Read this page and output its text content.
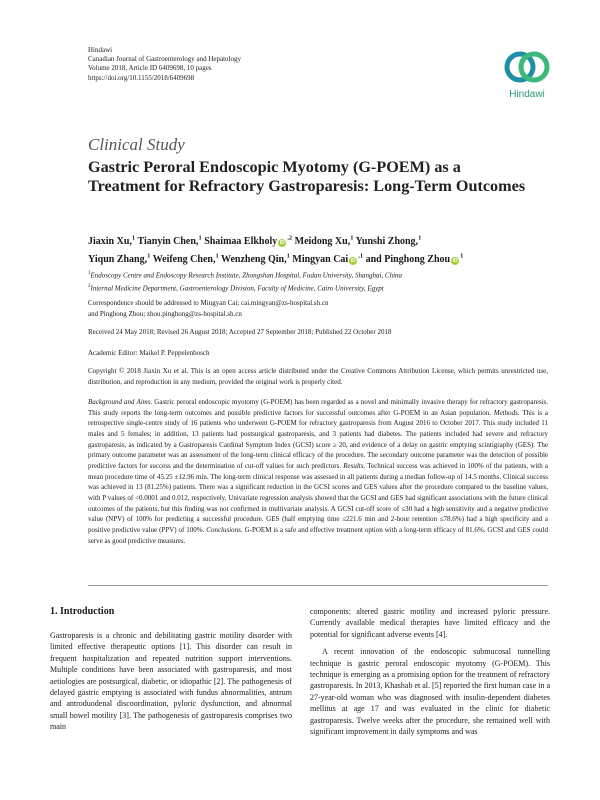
Hindawi
Canadian Journal of Gastroenterology and Hepatology
Volume 2018, Article ID 6409698, 10 pages
https://doi.org/10.1155/2018/6409698
Hindawi
Clinical Study
Gastric Peroral Endoscopic Myotomy (G-POEM) as a Treatment for Refractory Gastroparesis: Long-Term Outcomes
Jiaxin Xu,$^1$ Tianyin Chen,$^1$ Shaimaa Elkholy $iD^{,2}$ Meidong Xu,$^1$ Yunshi Zhong,$^1$
Yiqun Zhang,$^1$ Weifeng Chen,$^1$ Wenzheng Qin,$^1$ Mingyan Cai $iD^{,1}$ and Pinghong Zhou $iD^1$
$^1$Endoscopy Centre and Endoscopy Research Institute, Zhongshan Hospital, Fudan University, Shanghai, China
$^2$Internal Medicine Department, Gastroenterology Division, Faculty of Medicine, Cairo University, Egypt
Correspondence should be addressed to Mingyan Cai; cai.mingyan@zs-hospital.sh.cn
and Pinghong Zhou; zhou.pinghong@zs-hospital.sh.cn
Received 24 May 2018; Revised 26 August 2018; Accepted 27 September 2018; Published 22 October 2018
Academic Editor: Maikel P. Peppelenbosch
Copyright © 2018 Jiaxin Xu et al. This is an open access article distributed under the Creative Commons Attribution License, which permits unrestricted use, distribution, and reproduction in any medium, provided the original work is properly cited.
Background and Aims. Gastric peroral endoscopic myotomy (G-POEM) has been regarded as a novel and minimally invasive therapy for refractory gastroparesis. This study reports the long-term outcomes and possible predictive factors for successful outcomes after G-POEM in an Asian population. Methods. This is a retrospective single-centre study of 16 patients who underwent G-POEM for refractory gastroparesis from August 2016 to October 2017. This study included 11 males and 5 females; in addition, 13 patients had postsurgical gastroparesis, and 3 patients had diabetes. The patients included had severe and refractory gastroparesis, as indicated by a Gastroparesis Cardinal Symptom Index (GCSI) score ≥ 20, and evidence of a delay on gastric emptying scintigraphy (GES). The primary outcome parameter was an assessment of the long-term clinical efficacy of the procedure. The secondary outcome parameter was the detection of possible predictive factors for success and the determination of cut-off values for such predictors. Results. Technical success was achieved in 100% of the patients, with a mean procedure time of 45.25 ±12.96 min. The long-term clinical response was assessed in all patients during a median follow-up of 14.5 months. Clinical success was achieved in 13 (81.25%) patients. There was a significant reduction in the GCSI scores and GES values after the procedure compared to the baseline values, with P values of <0.0001 and 0.012, respectively. Univariate regression analysis showed that the GCSI and GES had significant associations with the future clinical outcomes of the patients, but this finding was not confirmed in multivariate analysis. A GCSI cut-off score of ≤30 had a high sensitivity and a negative predictive value (NPV) of 100% for predicting a successful procedure. GES (half emptying time ≤221.6 min and 2-hour retention ≤78.6%) had a high specificity and a positive predictive value (PPV) of 100%. Conclusions. G-POEM is a safe and effective treatment option with a long-term efficacy of 81.6%. GCSI and GES could serve as good predictive measures.
1. Introduction
Gastroparesis is a chronic and debilitating gastric motility disorder with limited effective therapeutic options [1]. This disorder can result in frequent hospitalization and repeated nutrition support interventions. Multiple conditions have been associated with gastroparesis, and most aetiologies are postsurgical, diabetic, or idiopathic [2]. The pathogenesis of delayed gastric emptying is associated with fundus abnormalities, antrum and antroduodenal discoordination, pyloric dysfunction, and abnormal small bowel motility [3]. The pathogenesis of gastroparesis comprises two main

components: altered gastric motility and increased pyloric pressure. Currently available medical therapies have limited efficacy and the potential for significant adverse events [4].

A recent innovation of the endoscopic submucosal tunnelling technique is gastric peroral endoscopic myotomy (G-POEM). This technique is emerging as a promising option for the treatment of refractory gastroparesis. In 2013, Khashab et al. [5] reported the first human case in a 27-year-old woman who was diagnosed with insulin-dependent diabetes mellitus at age 17 and was evaluated in the clinic for diabetic gastroparesis. Twelve weeks after the procedure, she remained well with significant improvement in daily symptoms and was
